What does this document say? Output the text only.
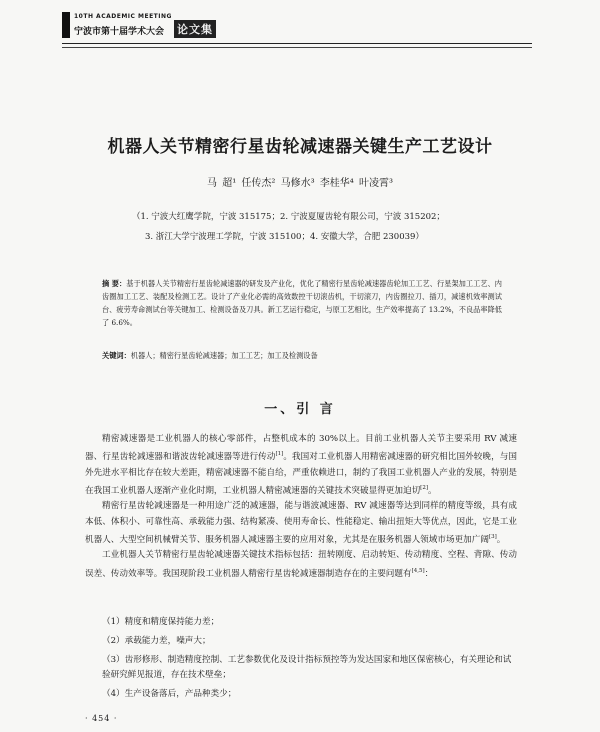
10TH ACADEMIC MEETING
宁波市第十届学术大会 论文集
机器人关节精密行星齿轮减速器关键生产工艺设计
马 超¹ 任传杰² 马修水³ 李桂华⁴ 叶凌霄³
（1. 宁波大红鹰学院，宁波 315175；2. 宁波夏厦齿轮有限公司，宁波 315202；
3. 浙江大学宁波理工学院，宁波 315100；4. 安徽大学，合肥 230039）
摘 要：基于机器人关节精密行星齿轮减速器的研发及产业化，优化了精密行星齿轮减速器齿轮加工工艺、行星架加工工艺、内齿圈加工工艺、装配及检测工艺。设计了产业化必需的高效数控干切滚齿机，干切滚刀，内齿圈拉刀、插刀，减速机效率测试台、疲劳寿命测试台等关键加工、检测设备及刀具。新工艺运行稳定，与原工艺相比，生产效率提高了 13.2%，不良品率降低了 6.6%。
关键词：机器人；精密行星齿轮减速器；加工工艺；加工及检测设备
一、引 言

精密减速器是工业机器人的核心零部件，占整机成本的 30%以上。目前工业机器人关节主要采用 RV 减速器、行星齿轮减速器和谐波齿轮减速器等进行传动[1]。我国对工业机器人用精密减速器的研究相比国外较晚，与国外先进水平相比存在较大差距，精密减速器不能自给，严重依赖进口，制约了我国工业机器人产业的发展，特别是在我国工业机器人逐渐产业化时期，工业机器人精密减速器的关键技术突破显得更加迫切[2]。

精密行星齿轮减速器是一种用途广泛的减速器，能与谐波减速器、RV 减速器等达到同样的精度等级，具有成本低、体积小、可靠性高、承载能力强、结构紧凑、使用寿命长、性能稳定、输出扭矩大等优点，因此，它是工业机器人、大型空间机械臂关节、服务机器人减速器主要的应用对象，尤其是在服务机器人领域市场更加广阔[3]。

工业机器人关节精密行星齿轮减速器关键技术指标包括：扭转刚度、启动转矩、传动精度、空程、背隙、传动误差、传动效率等。我国现阶段工业机器人精密行星齿轮减速器制造存在的主要问题有[4,5]：

（1）精度和精度保持能力差；
（2）承载能力差，噪声大；
（3）齿形修形、制造精度控制、工艺参数优化及设计指标预控等为发达国家和地区保密核心，有关理论和试验研究鲜见报道，存在技术壁垒；
（4）生产设备落后，产品种类少；
· 454 ·
